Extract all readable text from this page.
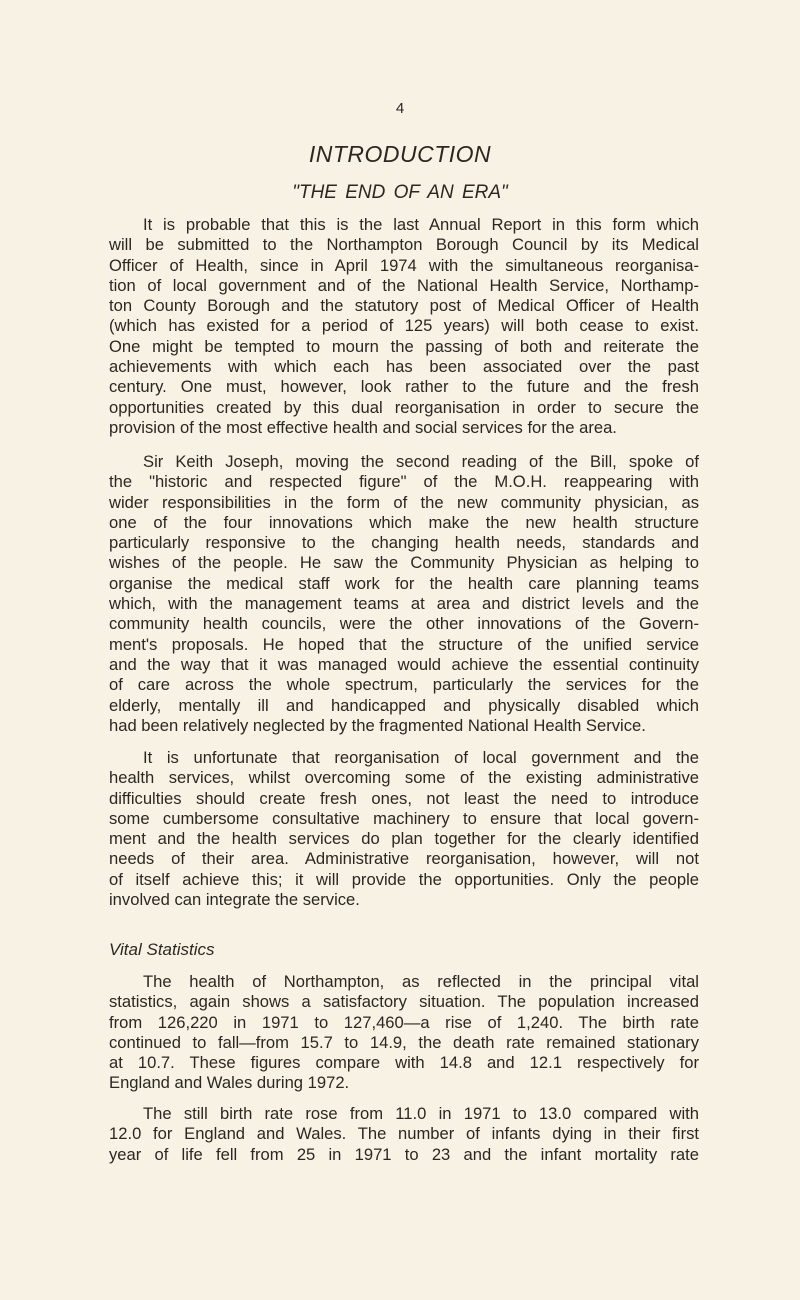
4
INTRODUCTION
"THE END OF AN ERA"
It is probable that this is the last Annual Report in this form which
will be submitted to the Northampton Borough Council by its Medical
Officer of Health, since in April 1974 with the simultaneous reorganisa-
tion of local government and of the National Health Service, Northamp-
ton County Borough and the statutory post of Medical Officer of Health
(which has existed for a period of 125 years) will both cease to exist.
One might be tempted to mourn the passing of both and reiterate the
achievements with which each has been associated over the past
century. One must, however, look rather to the future and the fresh
opportunities created by this dual reorganisation in order to secure the
provision of the most effective health and social services for the area.
Sir Keith Joseph, moving the second reading of the Bill, spoke of
the "historic and respected figure" of the M.O.H. reappearing with
wider responsibilities in the form of the new community physician, as
one of the four innovations which make the new health structure
particularly responsive to the changing health needs, standards and
wishes of the people. He saw the Community Physician as helping to
organise the medical staff work for the health care planning teams
which, with the management teams at area and district levels and the
community health councils, were the other innovations of the Govern-
ment's proposals. He hoped that the structure of the unified service
and the way that it was managed would achieve the essential continuity
of care across the whole spectrum, particularly the services for the
elderly, mentally ill and handicapped and physically disabled which
had been relatively neglected by the fragmented National Health Service.
It is unfortunate that reorganisation of local government and the
health services, whilst overcoming some of the existing administrative
difficulties should create fresh ones, not least the need to introduce
some cumbersome consultative machinery to ensure that local govern-
ment and the health services do plan together for the clearly identified
needs of their area. Administrative reorganisation, however, will not
of itself achieve this; it will provide the opportunities. Only the people
involved can integrate the service.
Vital Statistics
The health of Northampton, as reflected in the principal vital
statistics, again shows a satisfactory situation. The population increased
from 126,220 in 1971 to 127,460—a rise of 1,240. The birth rate
continued to fall—from 15.7 to 14.9, the death rate remained stationary
at 10.7. These figures compare with 14.8 and 12.1 respectively for
England and Wales during 1972.
The still birth rate rose from 11.0 in 1971 to 13.0 compared with
12.0 for England and Wales. The number of infants dying in their first
year of life fell from 25 in 1971 to 23 and the infant mortality rate
